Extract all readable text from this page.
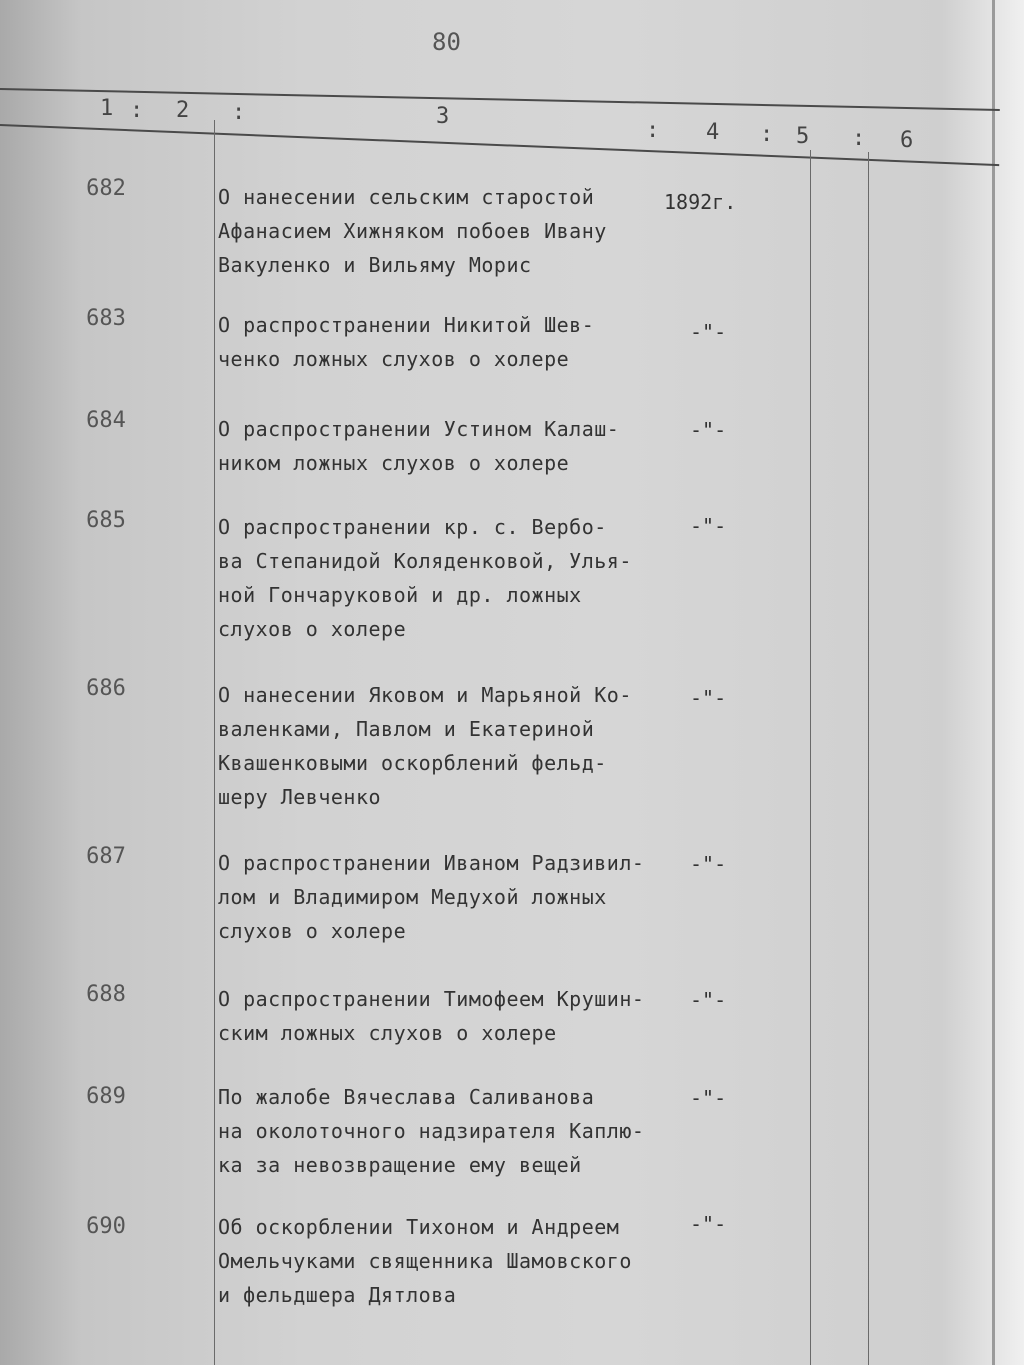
80
1 : 2 :	3
: 4 : 5 : 6
682	О нанесении сельским старостой
Афанасием Хижняком побоев Ивану
Вакуленко и Вильяму Морис
1892г.
683	О распространении Никитой Шев-
ченко ложных слухов о холере
-"-
684	О распространении Устином Калаш-
ником ложных слухов о холере
-"-
685	О распространении кр. с. Вербо-
ва Степанидой Коляденковой, Улья-
ной Гончаруковой и др. ложных
слухов о холере
-"-
686	О нанесении Яковом и Марьяной Ко-
валенками, Павлом и Екатериной
Квашенковыми оскорблений фельд-
шеру Левченко
-"-
687	О распространении Иваном Радзивил-
лом и Владимиром Медухой ложных
слухов о холере
-"-
688	О распространении Тимофеем Крушин-
ским ложных слухов о холере
-"-
689	По жалобе Вячеслава Саливанова
на околоточного надзирателя Каплю-
ка за невозвращение ему вещей
-"-
690	Об оскорблении Тихоном и Андреем
Омельчуками священника Шамовского
и фельдшера Дятлова
-"-
